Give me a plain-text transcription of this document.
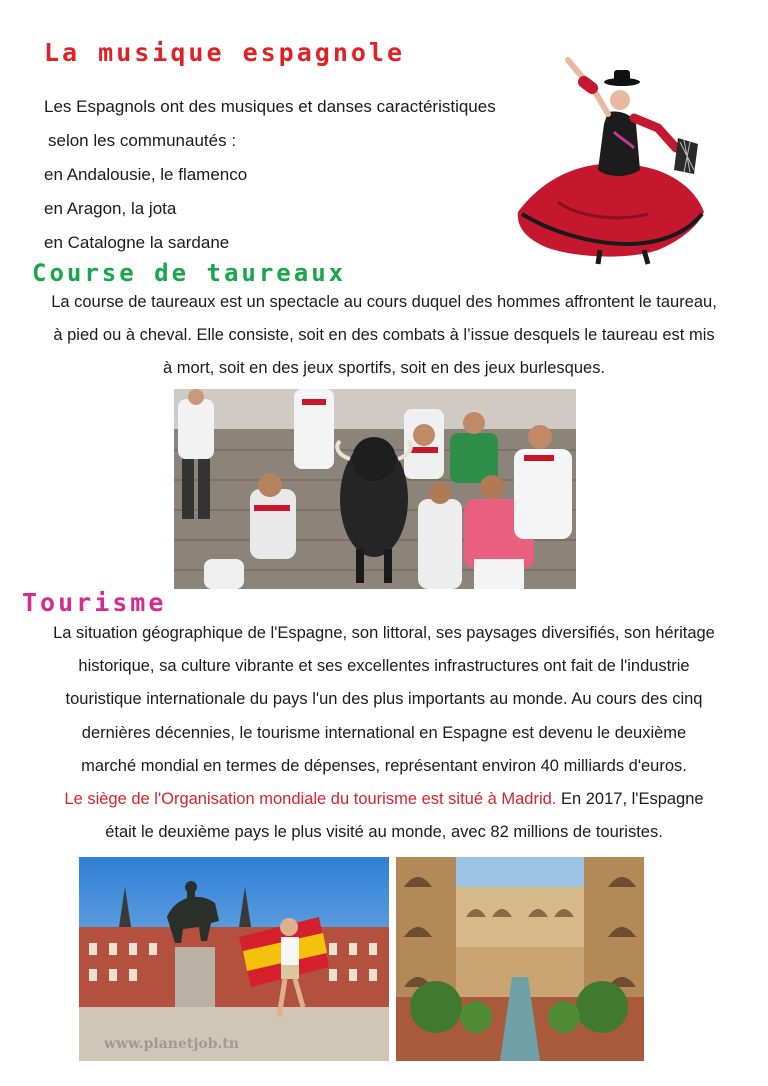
La musique espagnole
Les Espagnols ont des musiques et danses caractéristiques
selon les communautés :
en Andalousie, le flamenco
en Aragon, la jota
en Catalogne la sardane
Course de taureaux
La course de taureaux est un spectacle au cours duquel des hommes affrontent le taureau,
à pied ou à cheval. Elle consiste, soit en des combats à l’issue desquels le taureau est mis
à mort, soit en des jeux sportifs, soit en des jeux burlesques.
Tourisme
La situation géographique de l'Espagne, son littoral, ses paysages diversifiés, son héritage
historique, sa culture vibrante et ses excellentes infrastructures ont fait de l'industrie
touristique internationale du pays l'un des plus importants au monde. Au cours des cinq
dernières décennies, le tourisme international en Espagne est devenu le deuxième
marché mondial en termes de dépenses, représentant environ 40 milliards d'euros.
Le siège de l'Organisation mondiale du tourisme est situé à Madrid. En 2017, l'Espagne
était le deuxième pays le plus visité au monde, avec 82 millions de touristes.
www.planetjob.tn
